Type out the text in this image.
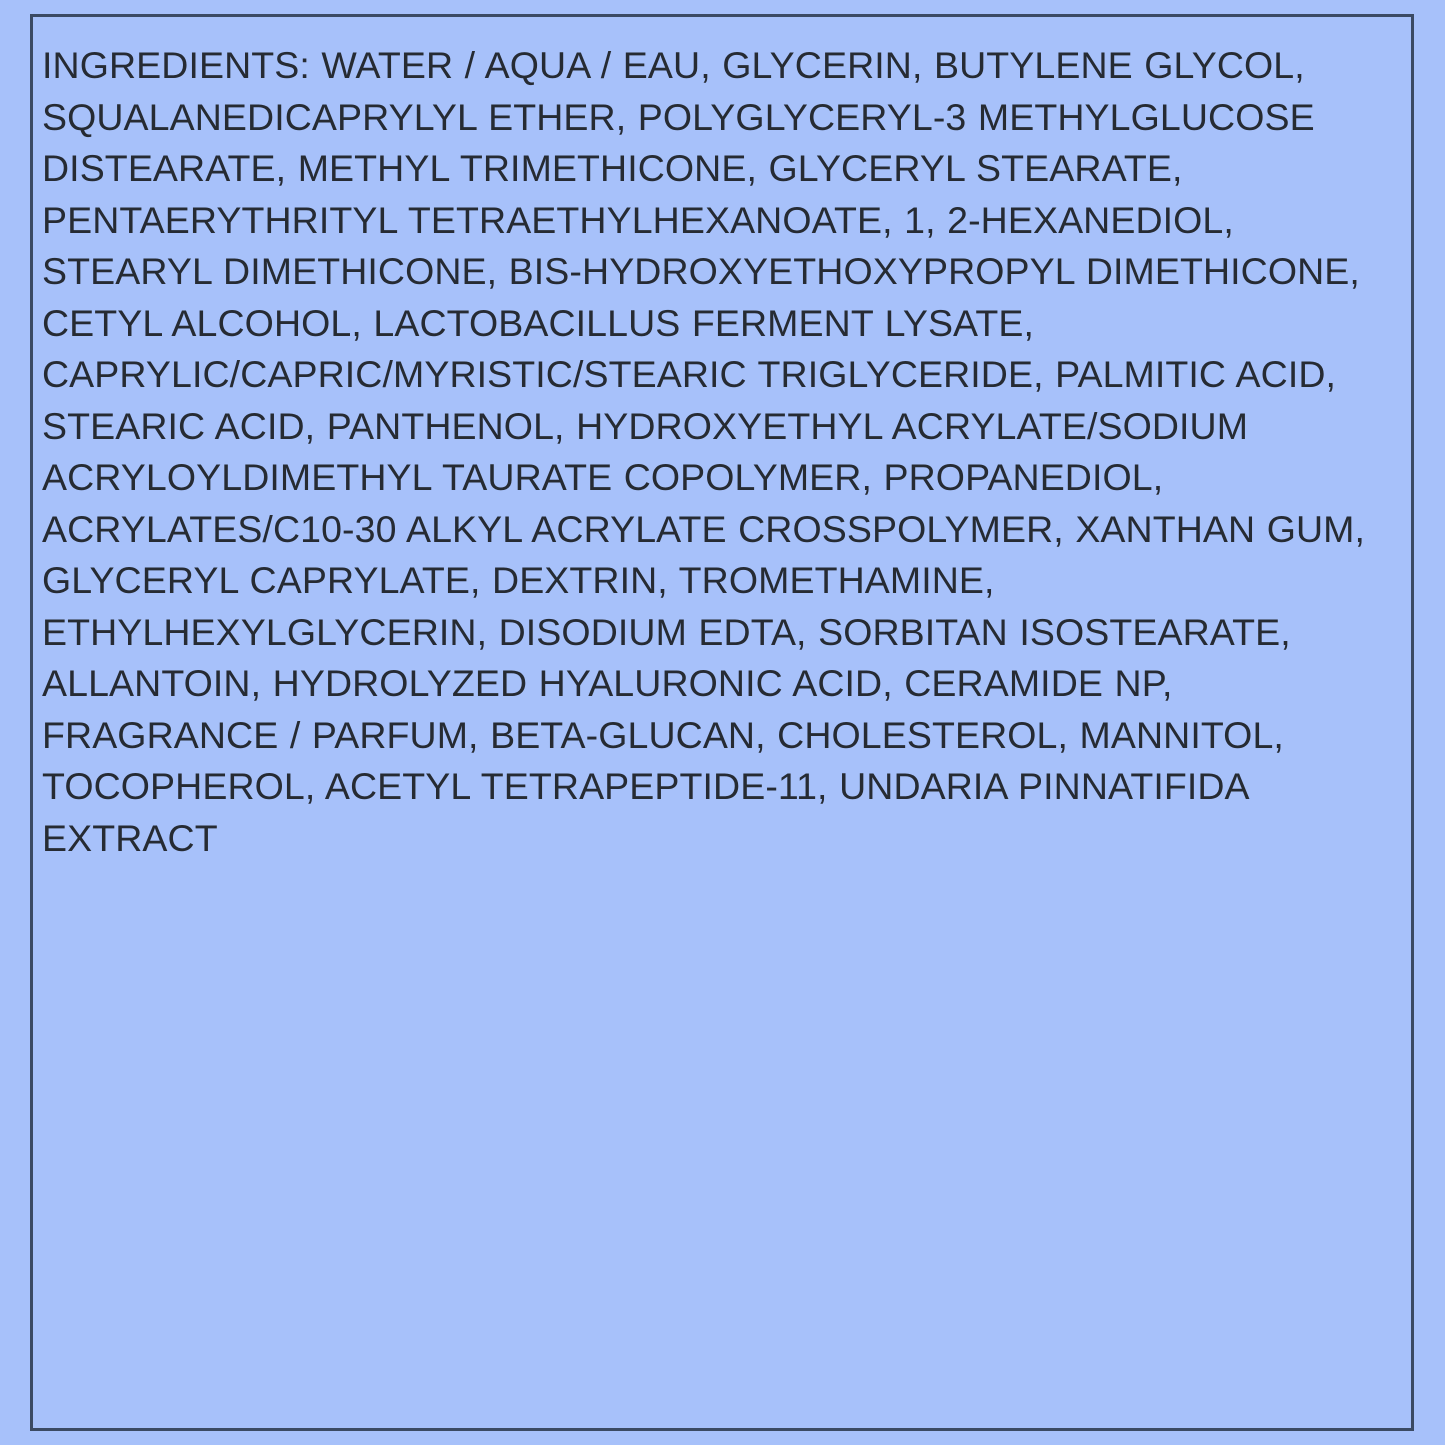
INGREDIENTS: WATER / AQUA / EAU, GLYCERIN, BUTYLENE GLYCOL, SQUALANEDICAPRYLYL ETHER, POLYGLYCERYL-3 METHYLGLUCOSE DISTEARATE, METHYL TRIMETHICONE, GLYCERYL STEARATE, PENTAERYTHRITYL TETRAETHYLHEXANOATE, 1, 2-HEXANEDIOL, STEARYL DIMETHICONE, BIS-HYDROXYETHOXYPROPYL DIMETHICONE, CETYL ALCOHOL, LACTOBACILLUS FERMENT LYSATE, CAPRYLIC/CAPRIC/MYRISTIC/STEARIC TRIGLYCERIDE, PALMITIC ACID, STEARIC ACID, PANTHENOL, HYDROXYETHYL ACRYLATE/SODIUM ACRYLOYLDIMETHYL TAURATE COPOLYMER, PROPANEDIOL, ACRYLATES/C10-30 ALKYL ACRYLATE CROSSPOLYMER, XANTHAN GUM, GLYCERYL CAPRYLATE, DEXTRIN, TROMETHAMINE, ETHYLHEXYLGLYCERIN, DISODIUM EDTA, SORBITAN ISOSTEARATE, ALLANTOIN, HYDROLYZED HYALURONIC ACID, CERAMIDE NP, FRAGRANCE / PARFUM, BETA-GLUCAN, CHOLESTEROL, MANNITOL, TOCOPHEROL, ACETYL TETRAPEPTIDE-11, UNDARIA PINNATIFIDA EXTRACT
